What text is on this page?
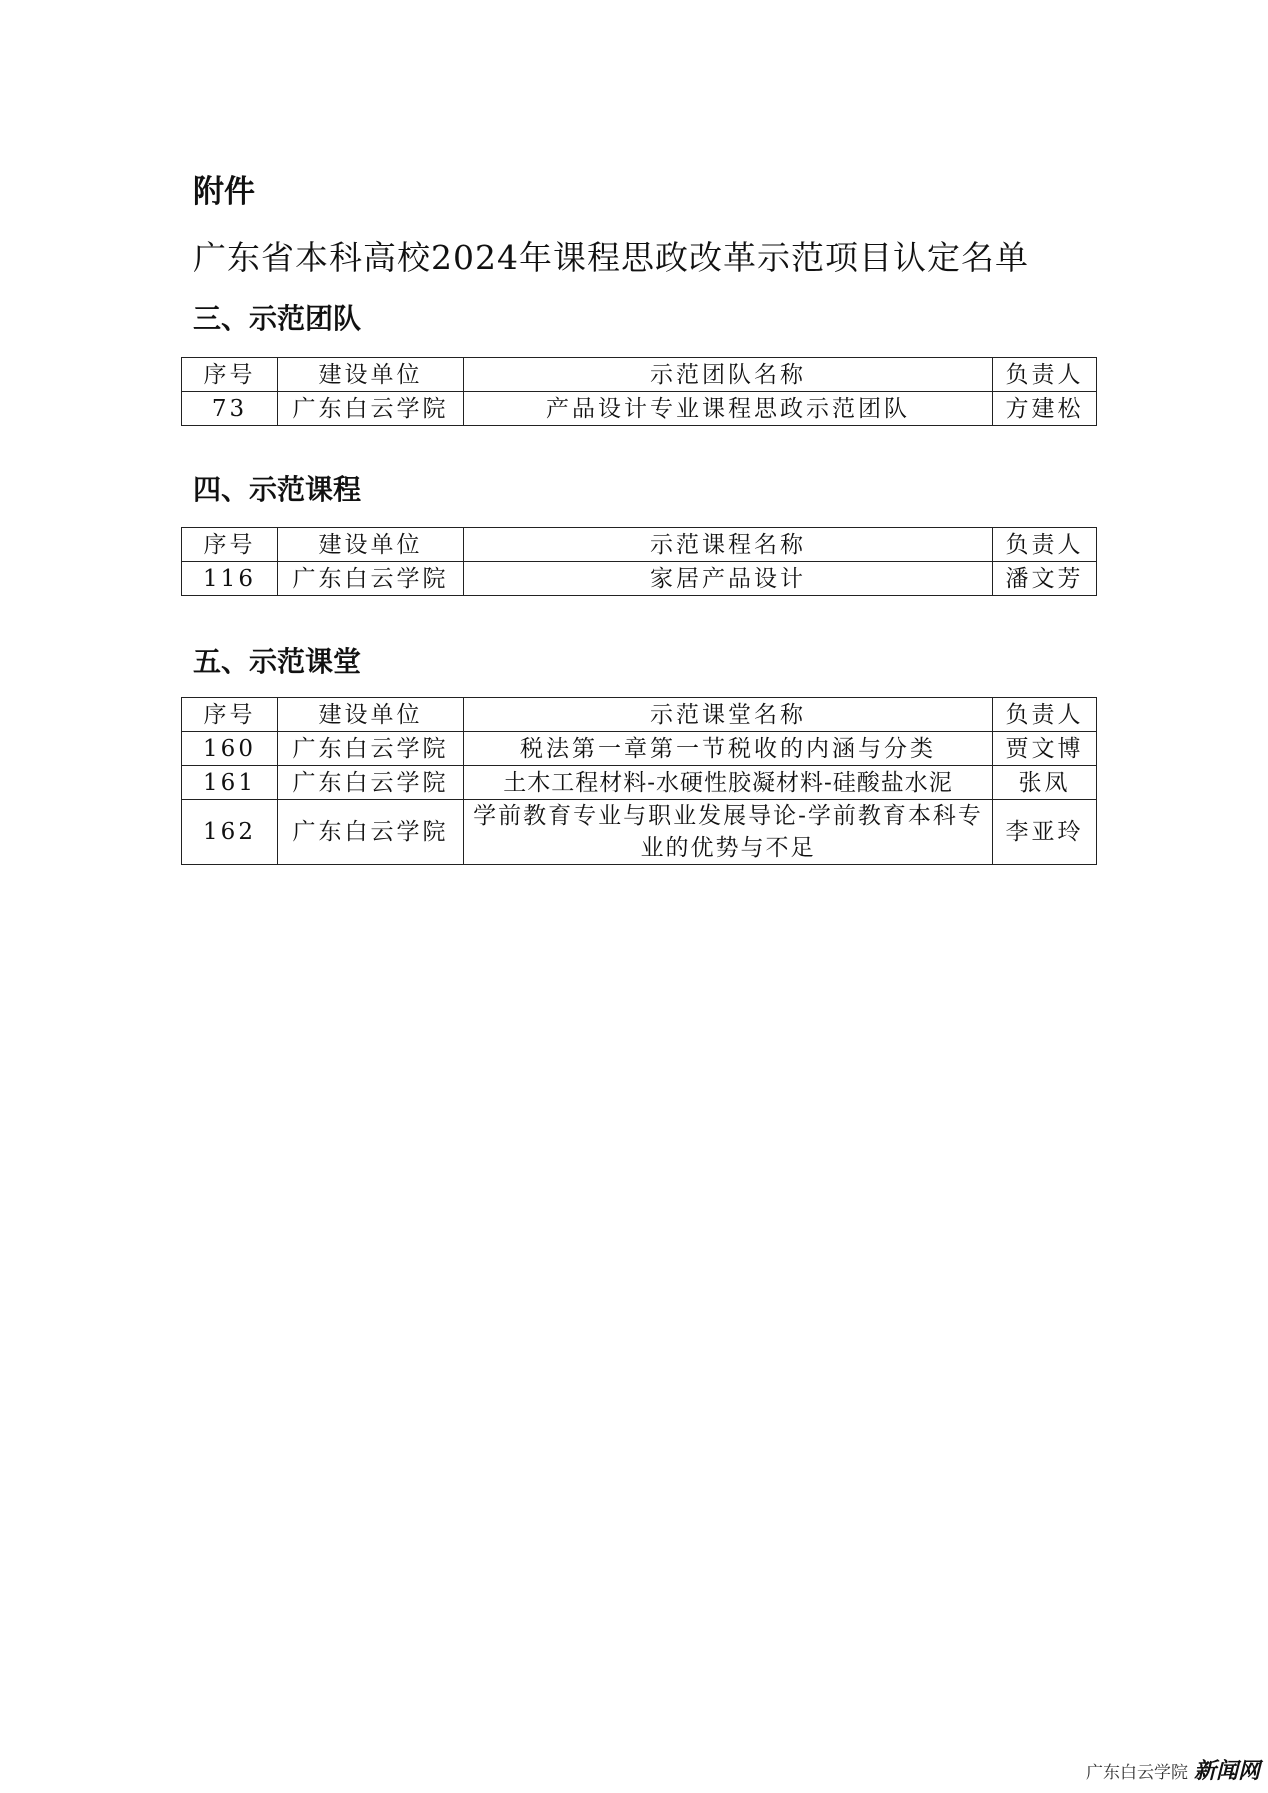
附件
广东省本科高校2024年课程思政改革示范项目认定名单
三、示范团队
序号	建设单位	示范团队名称	负责人
73	广东白云学院	产品设计专业课程思政示范团队	方建松
四、示范课程
序号	建设单位	示范课程名称	负责人
116	广东白云学院	家居产品设计	潘文芳
五、示范课堂
序号	建设单位	示范课堂名称	负责人
160	广东白云学院	税法第一章第一节税收的内涵与分类	贾文博
161	广东白云学院	土木工程材料-水硬性胶凝材料-硅酸盐水泥	张凤
162	广东白云学院	学前教育专业与职业发展导论-学前教育本科专业的优势与不足	李亚玲
广东白云学院 新闻网
